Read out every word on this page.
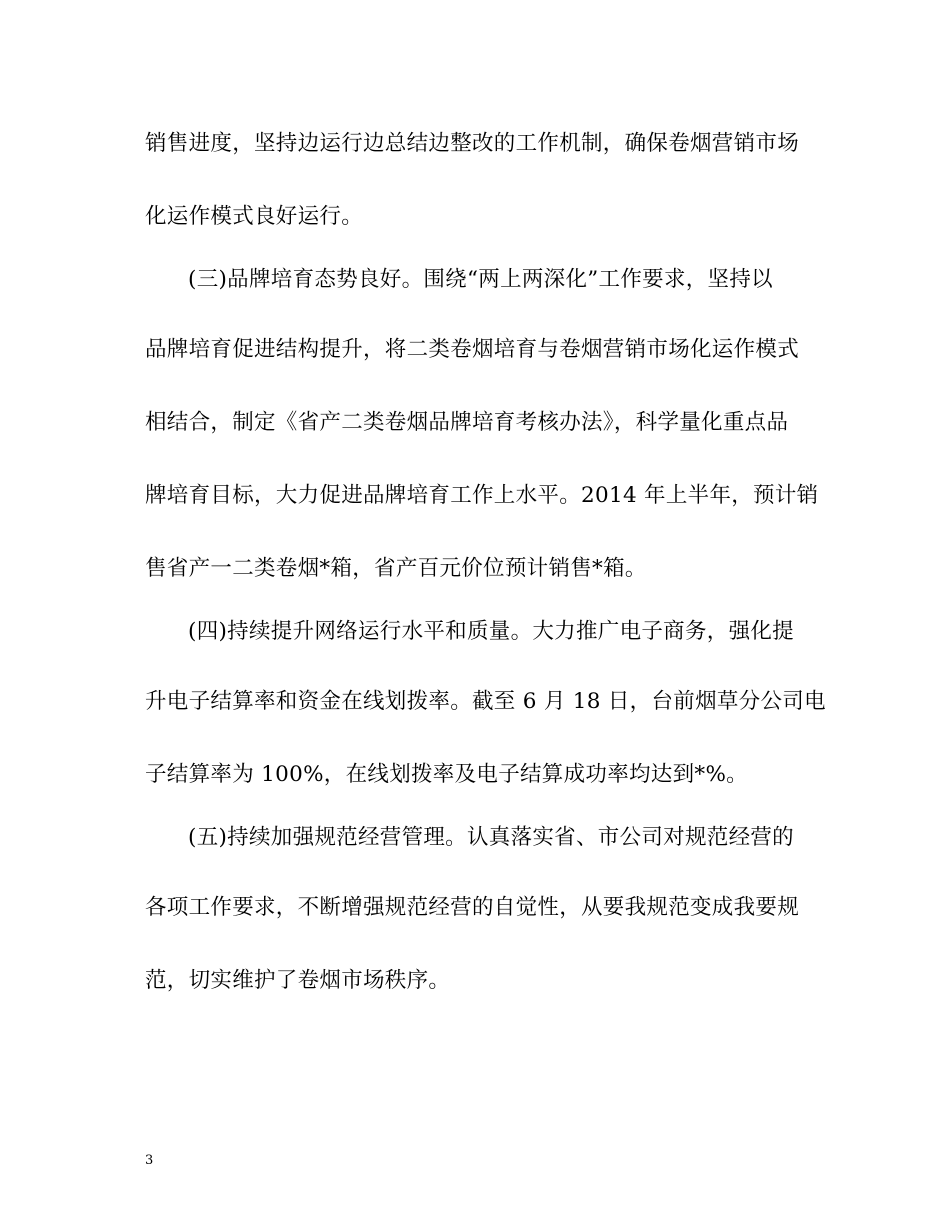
销售进度，坚持边运行边总结边整改的工作机制，确保卷烟营销市场
化运作模式良好运行。
(三)品牌培育态势良好。围绕“两上两深化”工作要求，坚持以
品牌培育促进结构提升，将二类卷烟培育与卷烟营销市场化运作模式
相结合，制定《省产二类卷烟品牌培育考核办法》，科学量化重点品
牌培育目标，大力促进品牌培育工作上水平。2014 年上半年，预计销
售省产一二类卷烟*箱，省产百元价位预计销售*箱。
(四)持续提升网络运行水平和质量。大力推广电子商务，强化提
升电子结算率和资金在线划拨率。截至 6 月 18 日，台前烟草分公司电
子结算率为 100%，在线划拨率及电子结算成功率均达到*%。
(五)持续加强规范经营管理。认真落实省、市公司对规范经营的
各项工作要求，不断增强规范经营的自觉性，从要我规范变成我要规
范，切实维护了卷烟市场秩序。
3
